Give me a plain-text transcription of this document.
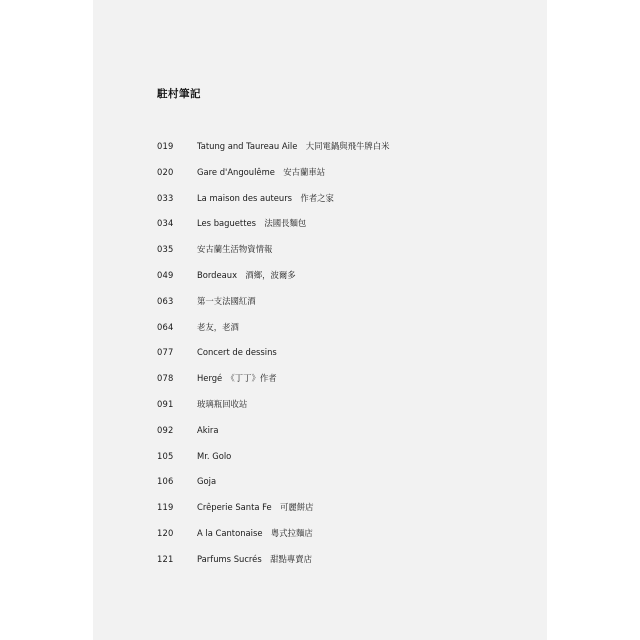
駐村筆記
019	Tatung and Taureau Aile　大同電鍋與飛牛牌白米
020	Gare d'Angoulême　安古蘭車站
033	La maison des auteurs　作者之家
034	Les baguettes　法國長麵包
035	安古蘭生活物資情報
049	Bordeaux　酒鄉，波爾多
063	第一支法國紅酒
064	老友，老酒
077	Concert de dessins
078	Hergé　《丁丁》作者
091	玻璃瓶回收站
092	Akira
105	Mr. Golo
106	Goja
119	Crêperie Santa Fe　可麗餅店
120	A la Cantonaise　粵式拉麵店
121	Parfums Sucrés　甜點專賣店
